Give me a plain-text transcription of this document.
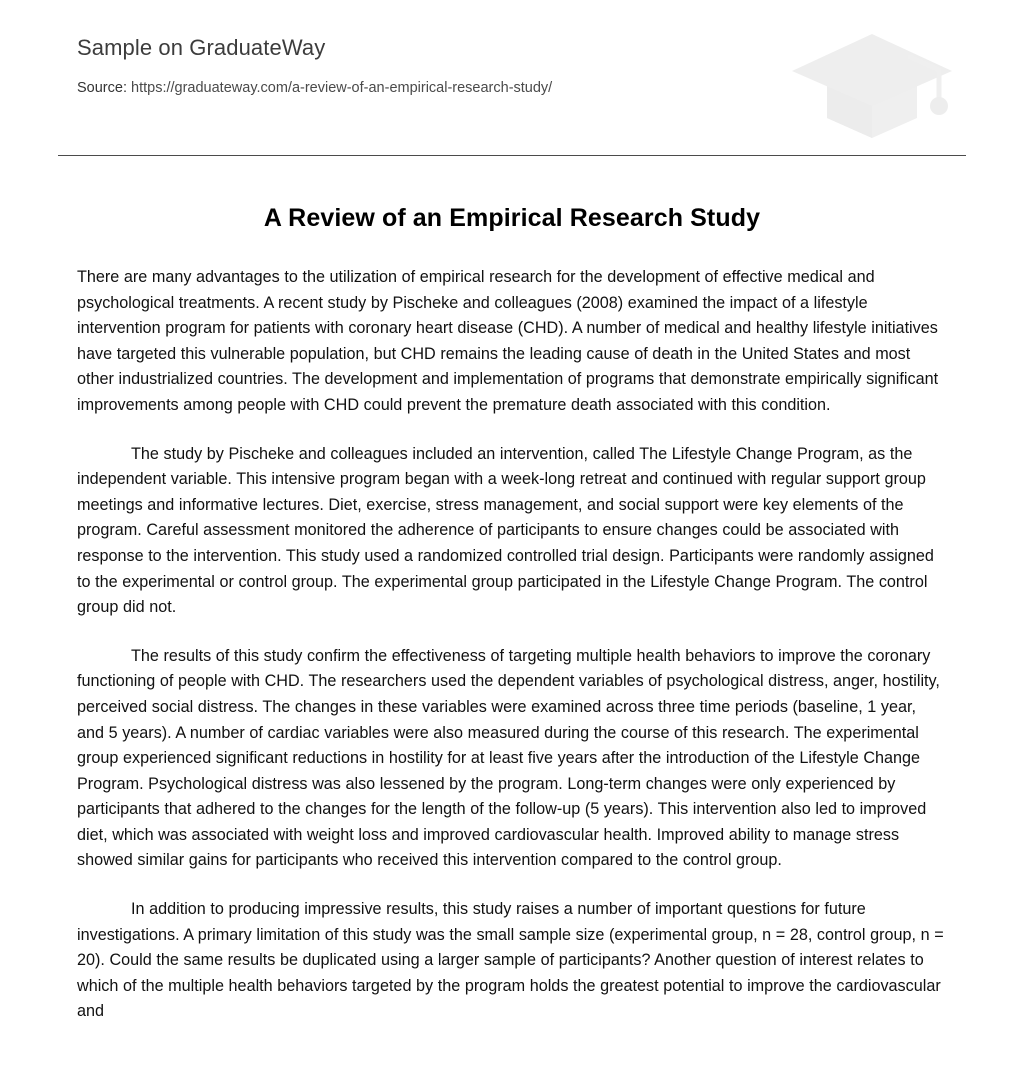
Sample on GraduateWay
Source: https://graduateway.com/a-review-of-an-empirical-research-study/
A Review of an Empirical Research Study

There are many advantages to the utilization of empirical research for the development of effective medical and psychological treatments. A recent study by Pischeke and colleagues (2008) examined the impact of a lifestyle intervention program for patients with coronary heart disease (CHD). A number of medical and healthy lifestyle initiatives have targeted this vulnerable population, but CHD remains the leading cause of death in the United States and most other industrialized countries. The development and implementation of programs that demonstrate empirically significant improvements among people with CHD could prevent the premature death associated with this condition.

The study by Pischeke and colleagues included an intervention, called The Lifestyle Change Program, as the independent variable. This intensive program began with a week-long retreat and continued with regular support group meetings and informative lectures. Diet, exercise, stress management, and social support were key elements of the program. Careful assessment monitored the adherence of participants to ensure changes could be associated with response to the intervention. This study used a randomized controlled trial design. Participants were randomly assigned to the experimental or control group. The experimental group participated in the Lifestyle Change Program. The control group did not.

The results of this study confirm the effectiveness of targeting multiple health behaviors to improve the coronary functioning of people with CHD. The researchers used the dependent variables of psychological distress, anger, hostility, perceived social distress. The changes in these variables were examined across three time periods (baseline, 1 year, and 5 years). A number of cardiac variables were also measured during the course of this research. The experimental group experienced significant reductions in hostility for at least five years after the introduction of the Lifestyle Change Program. Psychological distress was also lessened by the program. Long-term changes were only experienced by participants that adhered to the changes for the length of the follow-up (5 years). This intervention also led to improved diet, which was associated with weight loss and improved cardiovascular health. Improved ability to manage stress showed similar gains for participants who received this intervention compared to the control group.

In addition to producing impressive results, this study raises a number of important questions for future investigations. A primary limitation of this study was the small sample size (experimental group, n = 28, control group, n = 20). Could the same results be duplicated using a larger sample of participants? Another question of interest relates to which of the multiple health behaviors targeted by the program holds the greatest potential to improve the cardiovascular and
